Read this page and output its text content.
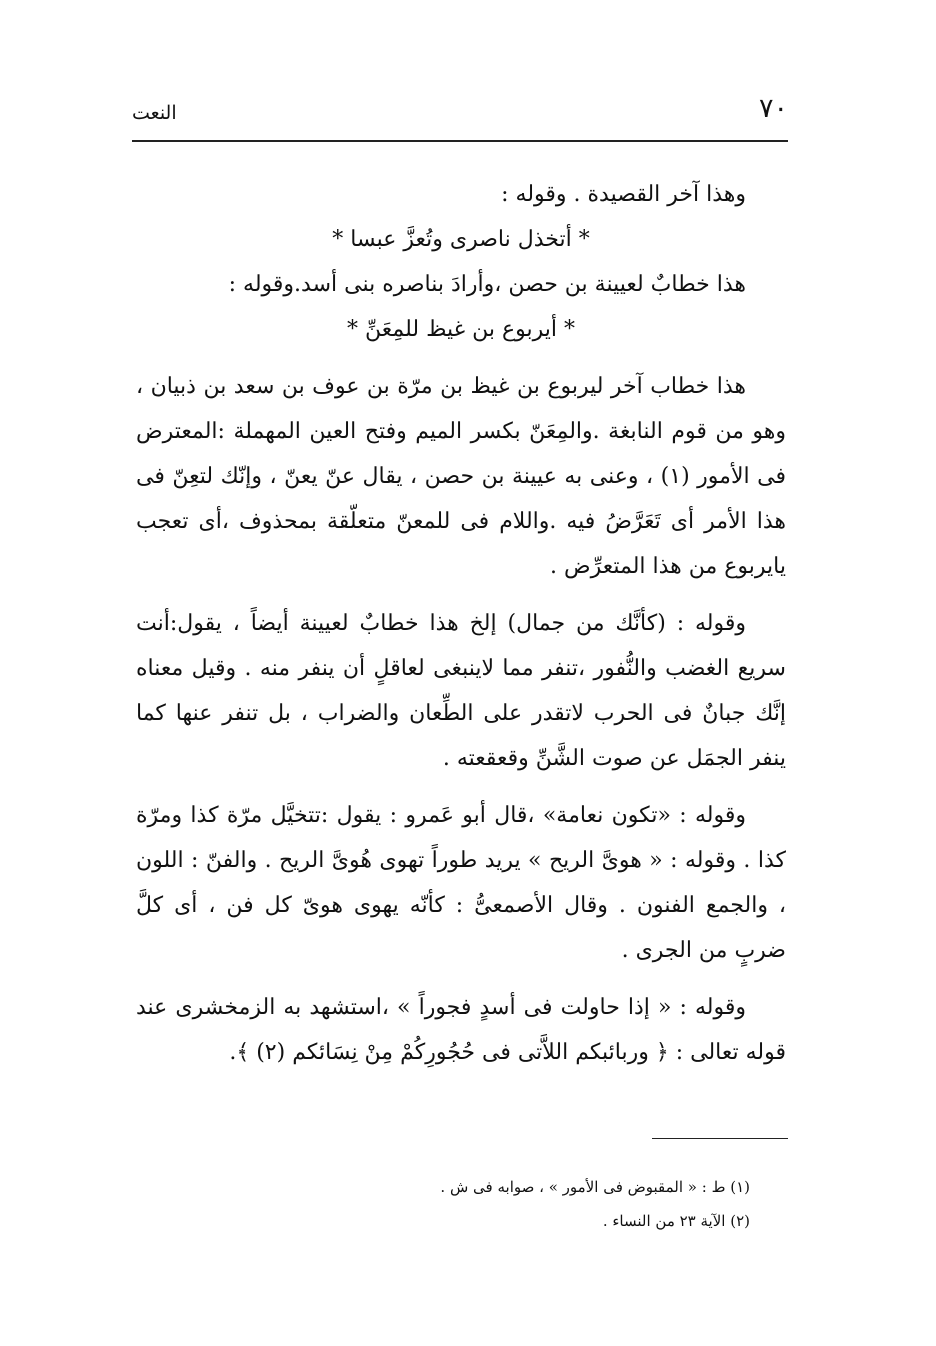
٧٠
النعت

وهذا آخر القصيدة . وقوله :

* أتخذل ناصرى وتُعزَّ عبسا *

هذا خطابٌ لعيينة بن حصن ،وأرادَ بناصره بنى أسد.وقوله :

* أيربوع بن غيظ للمِعَنِّ *

هذا خطاب آخر ليربوع بن غيظ بن مرّة بن عوف بن سعد بن ذبيان ، وهو من قوم النابغة .والمِعَنّ بكسر الميم وفتح العين المهملة :المعترض فى الأمور (١) ، وعنى به عيينة بن حصن ، يقال عنّ يعنّ ، وإنّك لتعِنّ فى هذا الأمر أى تَعَرَّضُ فيه .واللام فى للمعنّ متعلّقة بمحذوف ،أى تعجب يايربوع من هذا المتعرِّض .

وقوله : (كأنَّك من جمال) إلخ هذا خطابٌ لعيينة أيضاً ، يقول:أنت سريع الغضب والنُّفور ،تنفر مما لاينبغى لعاقلٍ أن ينفر منه . وقيل معناه إنَّك جبانٌ فى الحرب لاتقدر على الطِّعان والضراب ، بل تنفر عنها كما ينفر الجمَل عن صوت الشَّنِّ وقعقعته .

وقوله : «تكون نعامة» ،قال أبو عَمرو : يقول :تتخيَّل مرّة كذا ومرّة كذا . وقوله : « هوىَّ الريح » يريد طوراً تهوى هُوىَّ الريح . والفنّ : اللون ، والجمع الفنون . وقال الأصمعىُّ : كأنّه يهوى هوىّ كل فن ، أى كلَّ ضربٍ من الجرى .

وقوله : « إذا حاولت فى أسدٍ فجوراً » ،استشهد به الزمخشرى عند قوله تعالى : ﴿ وربائبكم اللاَّتى فى حُجُورِكُمْ مِنْ نِسَائكم (٢) ﴾.

(١) ط : « المقبوض فى الأمور » ، صوابه فى ش .
(٢) الآية ٢٣ من النساء .
